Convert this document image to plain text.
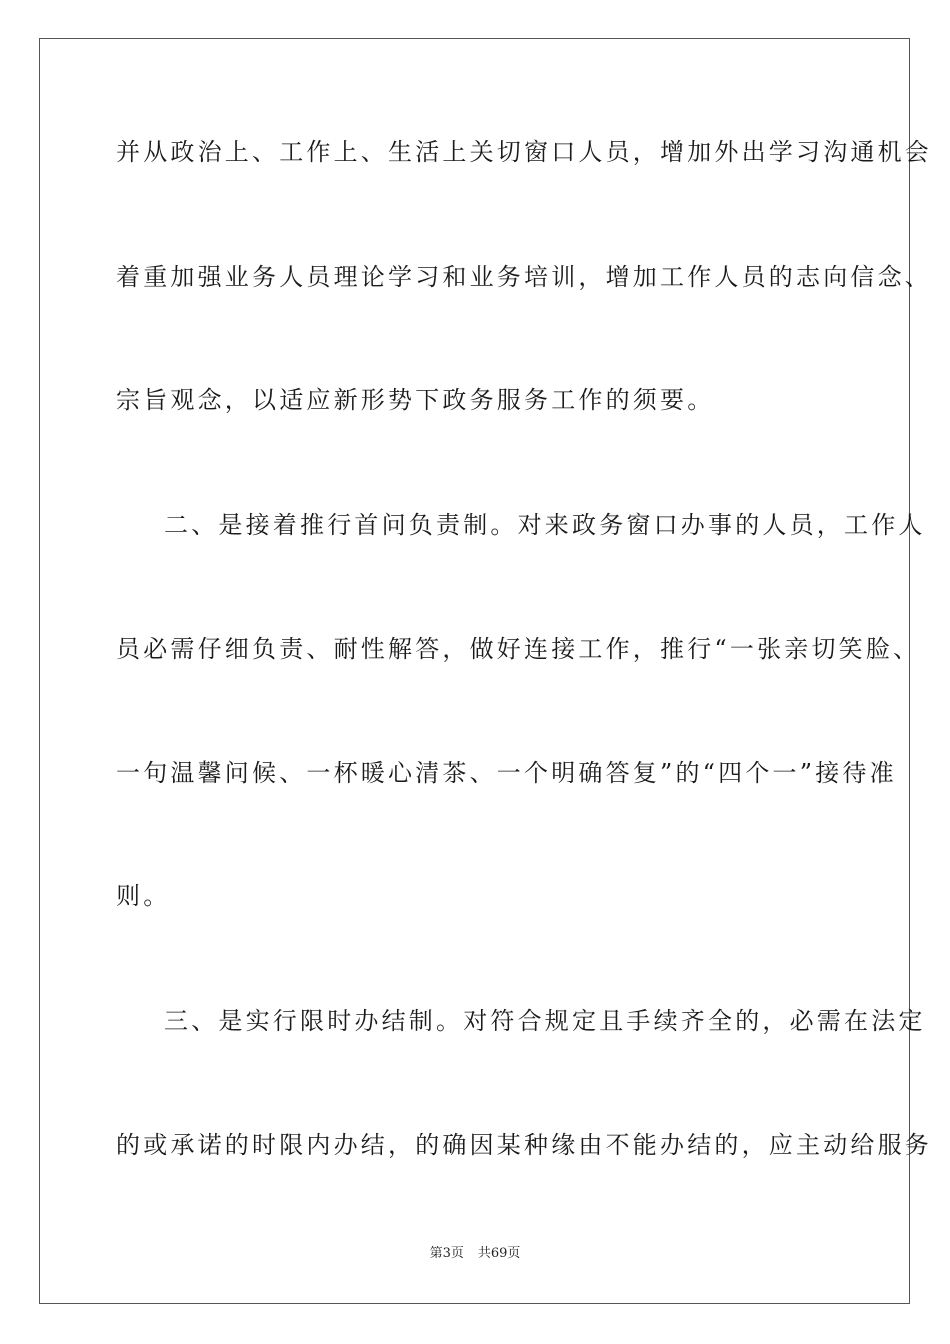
并从政治上、工作上、生活上关切窗口人员，增加外出学习沟通机会
着重加强业务人员理论学习和业务培训，增加工作人员的志向信念、
宗旨观念，以适应新形势下政务服务工作的须要。
二、是接着推行首问负责制。对来政务窗口办事的人员，工作人
员必需仔细负责、耐性解答，做好连接工作，推行“一张亲切笑脸、
一句温馨问候、一杯暖心清茶、一个明确答复”的“四个一”接待准
则。
三、是实行限时办结制。对符合规定且手续齐全的，必需在法定
的或承诺的时限内办结，的确因某种缘由不能办结的，应主动给服务
第3页 共69页
